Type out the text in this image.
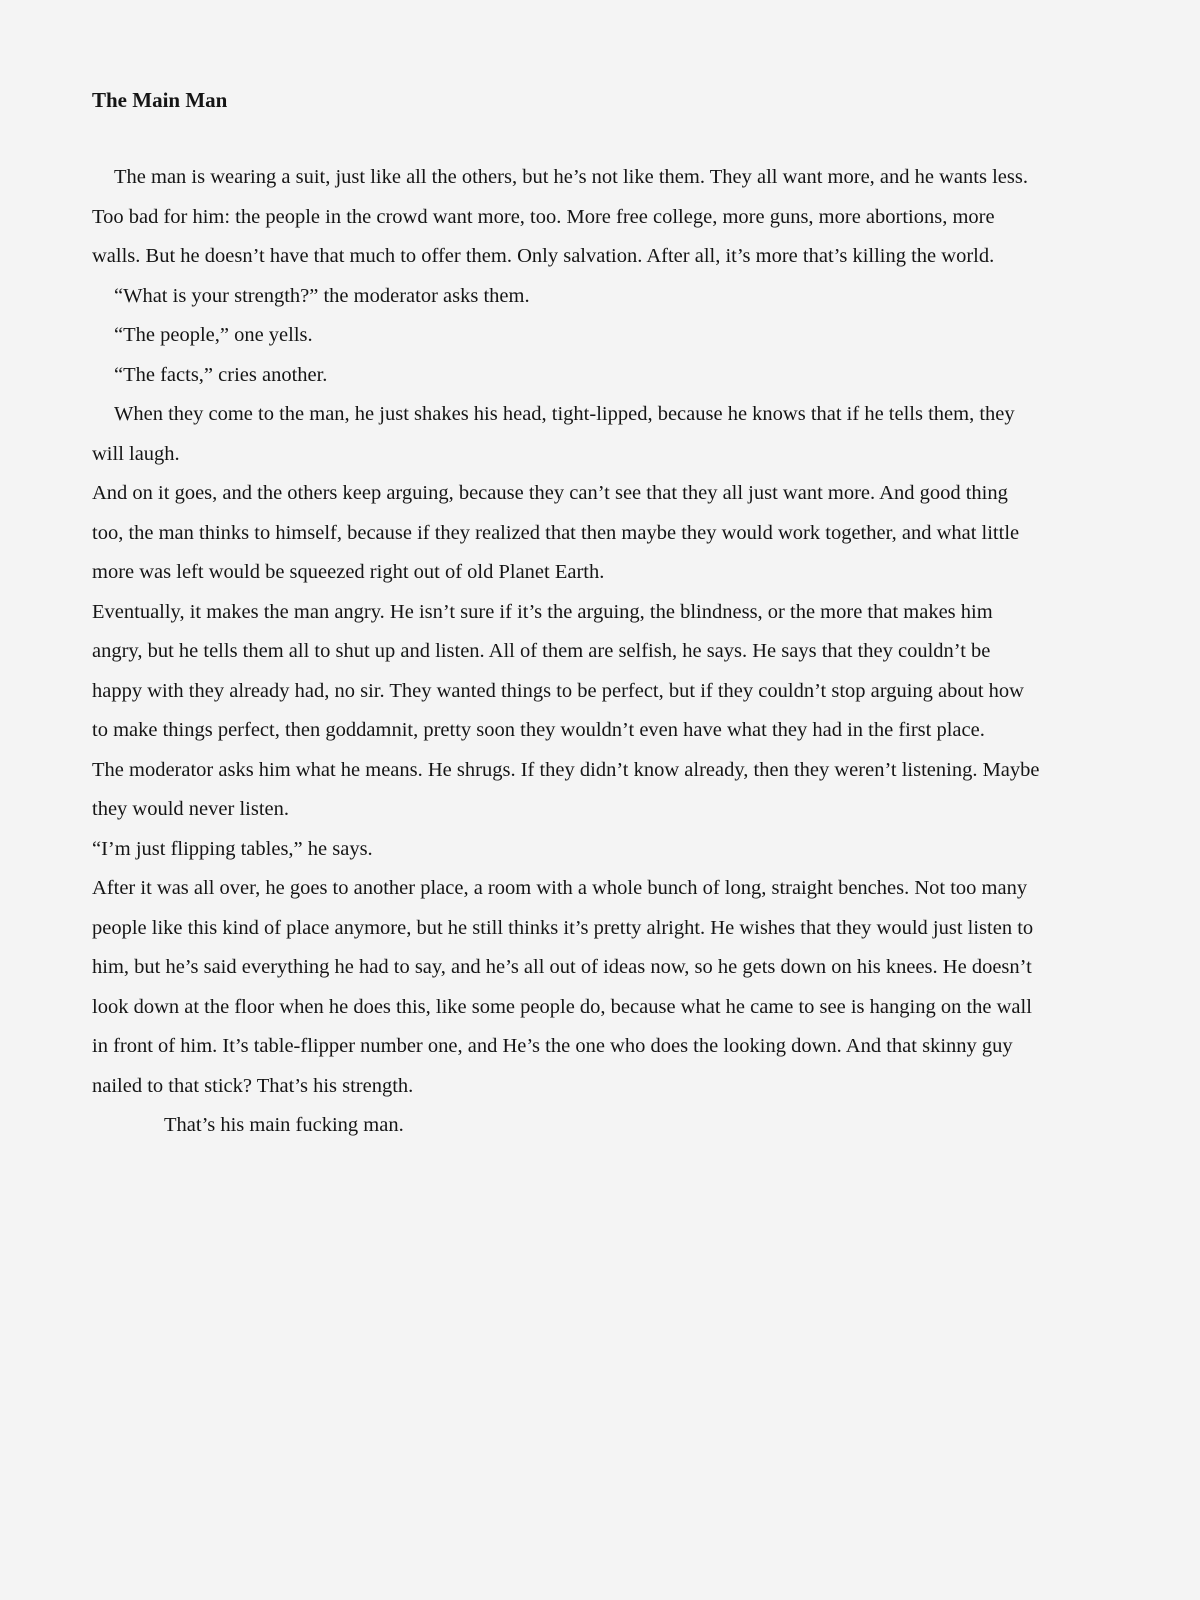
The Main Man

The man is wearing a suit, just like all the others, but he’s not like them. They all want more, and he wants less.
Too bad for him: the people in the crowd want more, too. More free college, more guns, more abortions, more
walls. But he doesn’t have that much to offer them. Only salvation. After all, it’s more that’s killing the world.

“What is your strength?” the moderator asks them.

“The people,” one yells.

“The facts,” cries another.

When they come to the man, he just shakes his head, tight-lipped, because he knows that if he tells them, they
will laugh.

And on it goes, and the others keep arguing, because they can’t see that they all just want more. And good thing
too, the man thinks to himself, because if they realized that then maybe they would work together, and what little
more was left would be squeezed right out of old Planet Earth.

Eventually, it makes the man angry. He isn’t sure if it’s the arguing, the blindness, or the more that makes him
angry, but he tells them all to shut up and listen. All of them are selfish, he says. He says that they couldn’t be
happy with they already had, no sir. They wanted things to be perfect, but if they couldn’t stop arguing about how
to make things perfect, then goddamnit, pretty soon they wouldn’t even have what they had in the first place.

The moderator asks him what he means. He shrugs. If they didn’t know already, then they weren’t listening. Maybe
they would never listen.

“I’m just flipping tables,” he says.

After it was all over, he goes to another place, a room with a whole bunch of long, straight benches. Not too many
people like this kind of place anymore, but he still thinks it’s pretty alright. He wishes that they would just listen to
him, but he’s said everything he had to say, and he’s all out of ideas now, so he gets down on his knees. He doesn’t
look down at the floor when he does this, like some people do, because what he came to see is hanging on the wall
in front of him. It’s table-flipper number one, and He’s the one who does the looking down. And that skinny guy
nailed to that stick? That’s his strength.

That’s his main fucking man.
